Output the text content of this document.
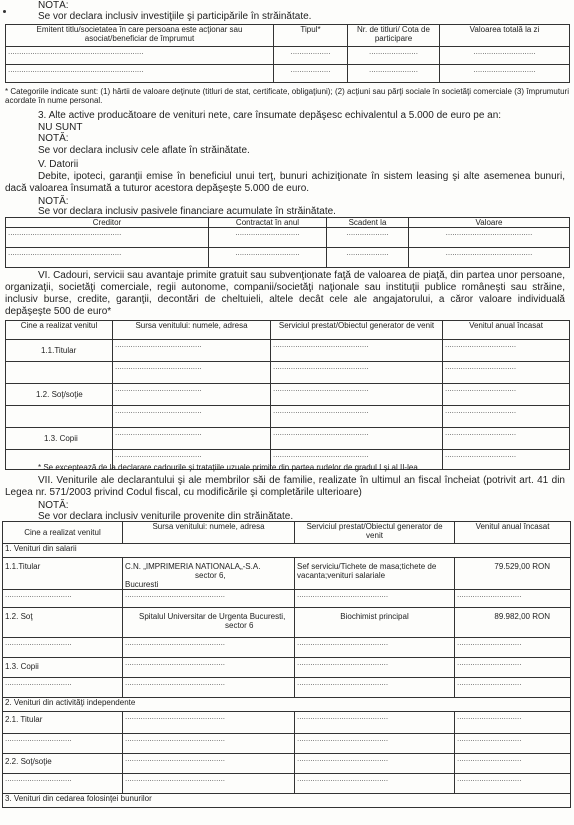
NOTĂ:
Se vor declara inclusiv investiţiile şi participările în străinătate.
Emitent titlu/societatea în care persoana este acţionar sau asociat/beneficiar de împrumut	Tipul*	Nr. de titluri/ Cota de participare	Valoarea totală la zi
.............................................................	..................	......................	............................
.............................................................	..................	......................	............................
* Categoriile indicate sunt: (1) hârtii de valoare deţinute (titluri de stat, certificate, obligaţiuni); (2) acţiuni sau părţi sociale în societăţi comerciale (3) împrumuturi acordate în nume personal.
3. Alte active producătoare de venituri nete, care însumate depăşesc echivalentul a 5.000 de euro pe an:
NU SUNT
NOTĂ:
Se vor declara inclusiv cele aflate în străinătate.
V. Datorii
Debite, ipoteci, garanţii emise în beneficiul unui terţ, bunuri achiziţionate în sistem leasing şi alte asemenea bunuri, dacă valoarea însumată a tuturor acestora depăşeşte 5.000 de euro.
NOTĂ:
Se vor declara inclusiv pasivele financiare acumulate în străinătate.
Creditor	Contractat în anul	Scadent la	Valoare
...................................................	.............................	...................	.......................................
...................................................	.............................	...................	.......................................
VI. Cadouri, servicii sau avantaje primite gratuit sau subvenţionate faţă de valoarea de piaţă, din partea unor persoane, organizaţii, societăţi comerciale, regii autonome, companii/societăţi naţionale sau instituţii publice româneşti sau străine, inclusiv burse, credite, garanţii, decontări de cheltuieli, altele decât cele ale angajatorului, a căror valoare individuală depăşeşte 500 de euro*
Cine a realizat venitul	Sursa venitului: numele, adresa	Serviciul prestat/Obiectul generator de venit	Venitul anual încasat
1.1.Titular	.......................................	...........................................	................................
	.......................................	...........................................	................................
1.2. Soţ/soţie	.......................................	...........................................	................................
	.......................................	...........................................	................................
1.3. Copii	.......................................	...........................................	................................
	.......................................	...........................................	................................
* Se exceptează de la declarare cadourile şi trataţiile uzuale primite din partea rudelor de gradul I şi al II-lea.
VII. Veniturile ale declarantului şi ale membrilor săi de familie, realizate în ultimul an fiscal încheiat (potrivit art. 41 din Legea nr. 571/2003 privind Codul fiscal, cu modificările şi completările ulterioare)
NOTĂ:
Se vor declara inclusiv veniturile provenite din străinătate.
Cine a realizat venitul	Sursa venitului: numele, adresa	Serviciul prestat/Obiectul generator de venit	Venitul anual încasat
1. Venituri din salarii			
1.1.Titular	C.N. „IMPRIMERIA NATIONALA„-S.A.
sector 6,
Bucuresti	Sef serviciu/Tichete de masa;tichete de vacanta;venituri salariale	79.529,00 RON
..............................	.............................................	.........................................	.............................
1.2. Soţ	Spitalul Universitar de Urgenta Bucuresti,
sector 6	Biochimist principal	89.982,00 RON
..............................	.............................................	.........................................	.............................
1.3. Copii	.............................................	.........................................	.............................
..............................	.............................................	.........................................	.............................
2. Venituri din activităţi independente			
2.1. Titular	.............................................	.........................................	.............................
..............................	.............................................	.........................................	.............................
2.2. Soţ/soţie	.............................................	.........................................	.............................
..............................	.............................................	.........................................	.............................
3. Venituri din cedarea folosinţei bunurilor			
